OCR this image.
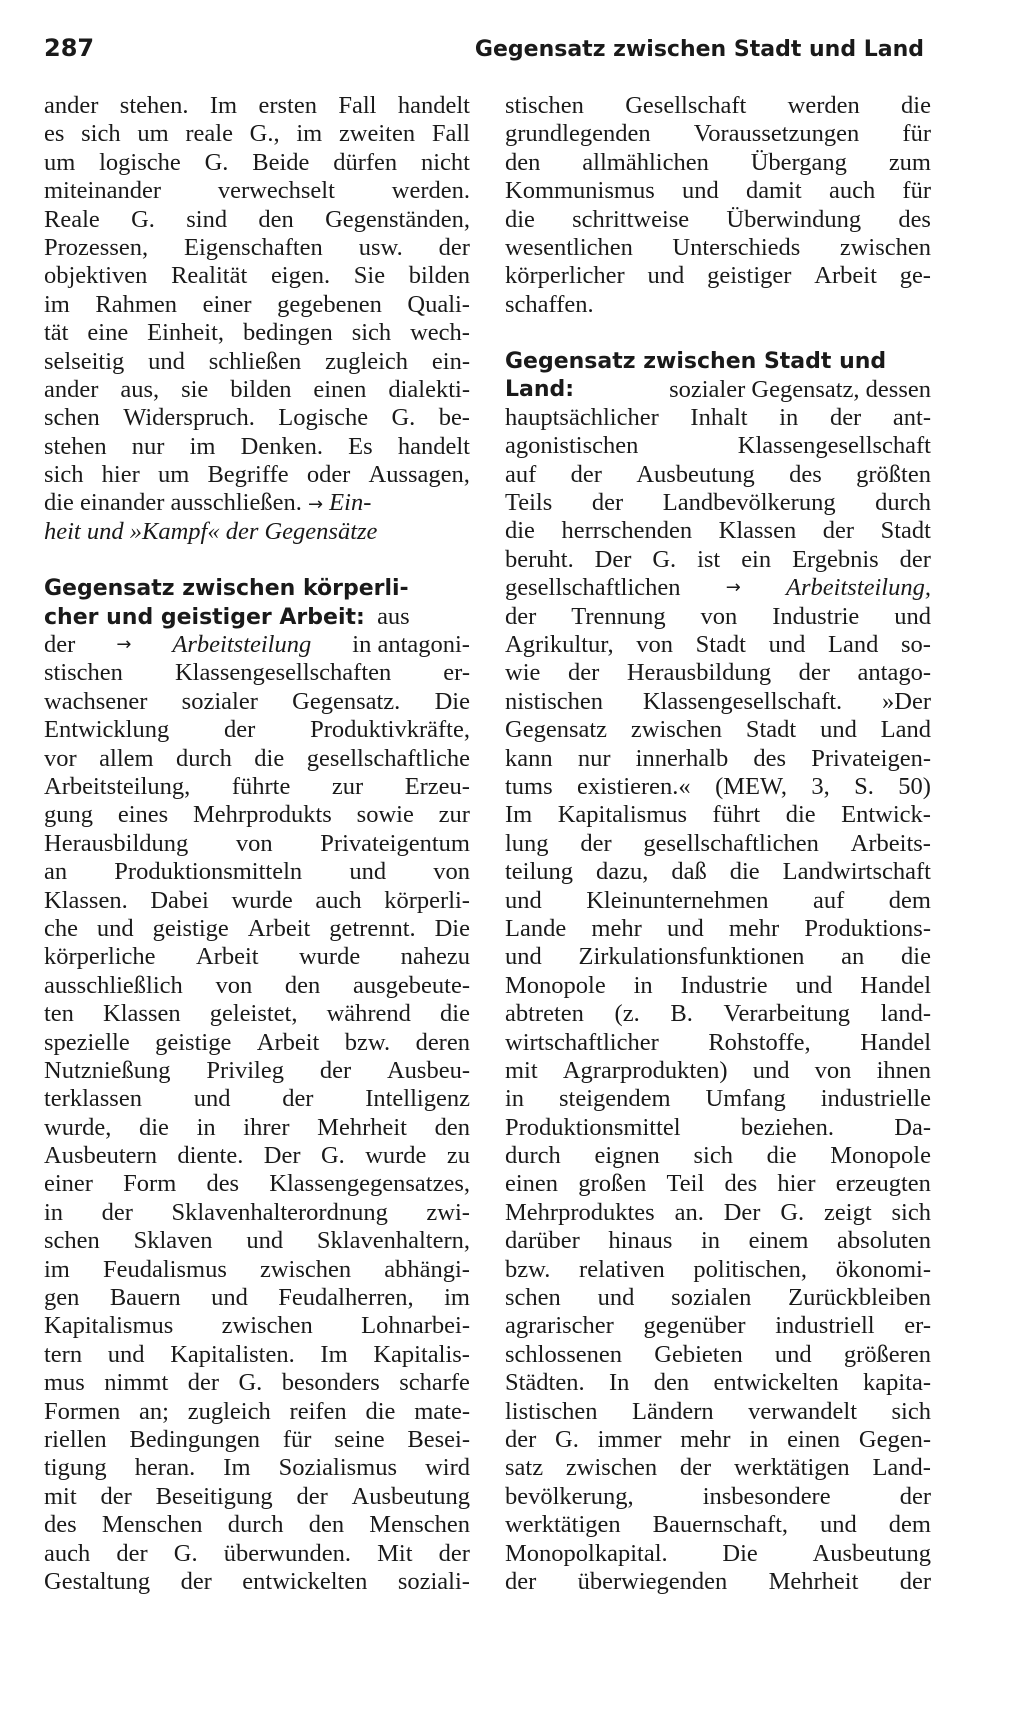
287	Gegensatz zwischen Stadt und Land
ander stehen. Im ersten Fall handelt
es sich um reale G., im zweiten Fall
um logische G. Beide dürfen nicht
miteinander verwechselt werden.
Reale G. sind den Gegenständen,
Prozessen, Eigenschaften usw. der
objektiven Realität eigen. Sie bilden
im Rahmen einer gegebenen Quali-
tät eine Einheit, bedingen sich wech-
selseitig und schließen zugleich ein-
ander aus, sie bilden einen dialekti-
schen Widerspruch. Logische G. be-
stehen nur im Denken. Es handelt
sich hier um Begriffe oder Aussagen,
die einander ausschließen. → Ein-
heit und »Kampf« der Gegensätze
Gegensatz zwischen körperli-
cher und geistiger Arbeit: aus
der → Arbeitsteilung in antagoni-
stischen Klassengesellschaften er-
wachsener sozialer Gegensatz. Die
Entwicklung der Produktivkräfte,
vor allem durch die gesellschaftliche
Arbeitsteilung, führte zur Erzeu-
gung eines Mehrprodukts sowie zur
Herausbildung von Privateigentum
an Produktionsmitteln und von
Klassen. Dabei wurde auch körperli-
che und geistige Arbeit getrennt. Die
körperliche Arbeit wurde nahezu
ausschließlich von den ausgebeute-
ten Klassen geleistet, während die
spezielle geistige Arbeit bzw. deren
Nutznießung Privileg der Ausbeu-
terklassen und der Intelligenz
wurde, die in ihrer Mehrheit den
Ausbeutern diente. Der G. wurde zu
einer Form des Klassengegensatzes,
in der Sklavenhalterordnung zwi-
schen Sklaven und Sklavenhaltern,
im Feudalismus zwischen abhängi-
gen Bauern und Feudalherren, im
Kapitalismus zwischen Lohnarbei-
tern und Kapitalisten. Im Kapitalis-
mus nimmt der G. besonders scharfe
Formen an; zugleich reifen die mate-
riellen Bedingungen für seine Besei-
tigung heran. Im Sozialismus wird
mit der Beseitigung der Ausbeutung
des Menschen durch den Menschen
auch der G. überwunden. Mit der
Gestaltung der entwickelten soziali-
stischen Gesellschaft werden die
grundlegenden Voraussetzungen für
den allmählichen Übergang zum
Kommunismus und damit auch für
die schrittweise Überwindung des
wesentlichen Unterschieds zwischen
körperlicher und geistiger Arbeit ge-
schaffen.
Gegensatz zwischen Stadt und
Land:	sozialer Gegensatz, dessen
hauptsächlicher Inhalt in der ant-
agonistischen	Klassengesellschaft
auf der Ausbeutung des größten
Teils der Landbevölkerung durch
die herrschenden Klassen der Stadt
beruht. Der G. ist ein Ergebnis der
gesellschaftlichen	→ Arbeitsteilung,
der Trennung von Industrie und
Agrikultur, von Stadt und Land so-
wie der Herausbildung der antago-
nistischen Klassengesellschaft. »Der
Gegensatz zwischen Stadt und Land
kann nur innerhalb des Privateigen-
tums existieren.« (MEW, 3, S. 50)
Im Kapitalismus führt die Entwick-
lung der gesellschaftlichen Arbeits-
teilung dazu, daß die Landwirtschaft
und Kleinunternehmen auf dem
Lande mehr und mehr Produktions-
und Zirkulationsfunktionen an die
Monopole in Industrie und Handel
abtreten (z. B. Verarbeitung land-
wirtschaftlicher Rohstoffe, Handel
mit Agrarprodukten) und von ihnen
in steigendem Umfang industrielle
Produktionsmittel beziehen. Da-
durch eignen sich die Monopole
einen großen Teil des hier erzeugten
Mehrproduktes an. Der G. zeigt sich
darüber hinaus in einem absoluten
bzw. relativen politischen, ökonomi-
schen und sozialen Zurückbleiben
agrarischer gegenüber industriell er-
schlossenen Gebieten und größeren
Städten. In den entwickelten kapita-
listischen Ländern verwandelt sich
der G. immer mehr in einen Gegen-
satz zwischen der werktätigen Land-
bevölkerung,	insbesondere	der
werktätigen Bauernschaft, und dem
Monopolkapital. Die Ausbeutung
der überwiegenden Mehrheit der
